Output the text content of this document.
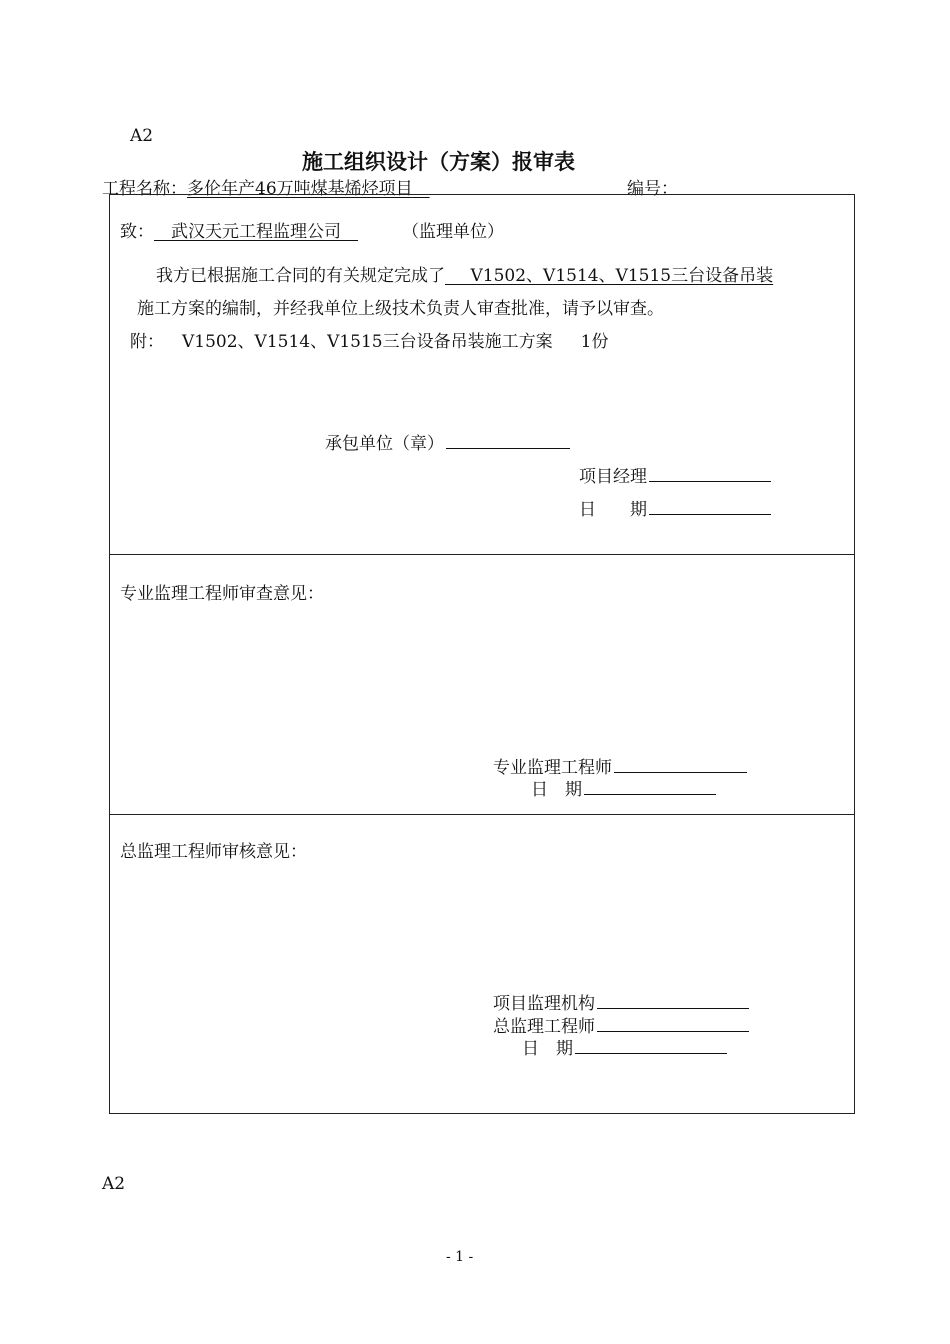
A2
施工组织设计（方案）报审表
工程名称：多伦年产46万吨煤基烯烃项目  	编号：
致：   武汉天元工程监理公司  	（监理单位）
我方已根据施工合同的有关规定完成了    V1502、V1514、V1515三台设备吊装
施工方案的编制，并经我单位上级技术负责人审查批准，请予以审查。
附： V1502、V1514、V1515三台设备吊装施工方案 1份
承包单位（章）
项目经理
日　　期
专业监理工程师审查意见：
专业监理工程师
日　期
总监理工程师审核意见：
项目监理机构
总监理工程师
日　期
A2
- 1 -
